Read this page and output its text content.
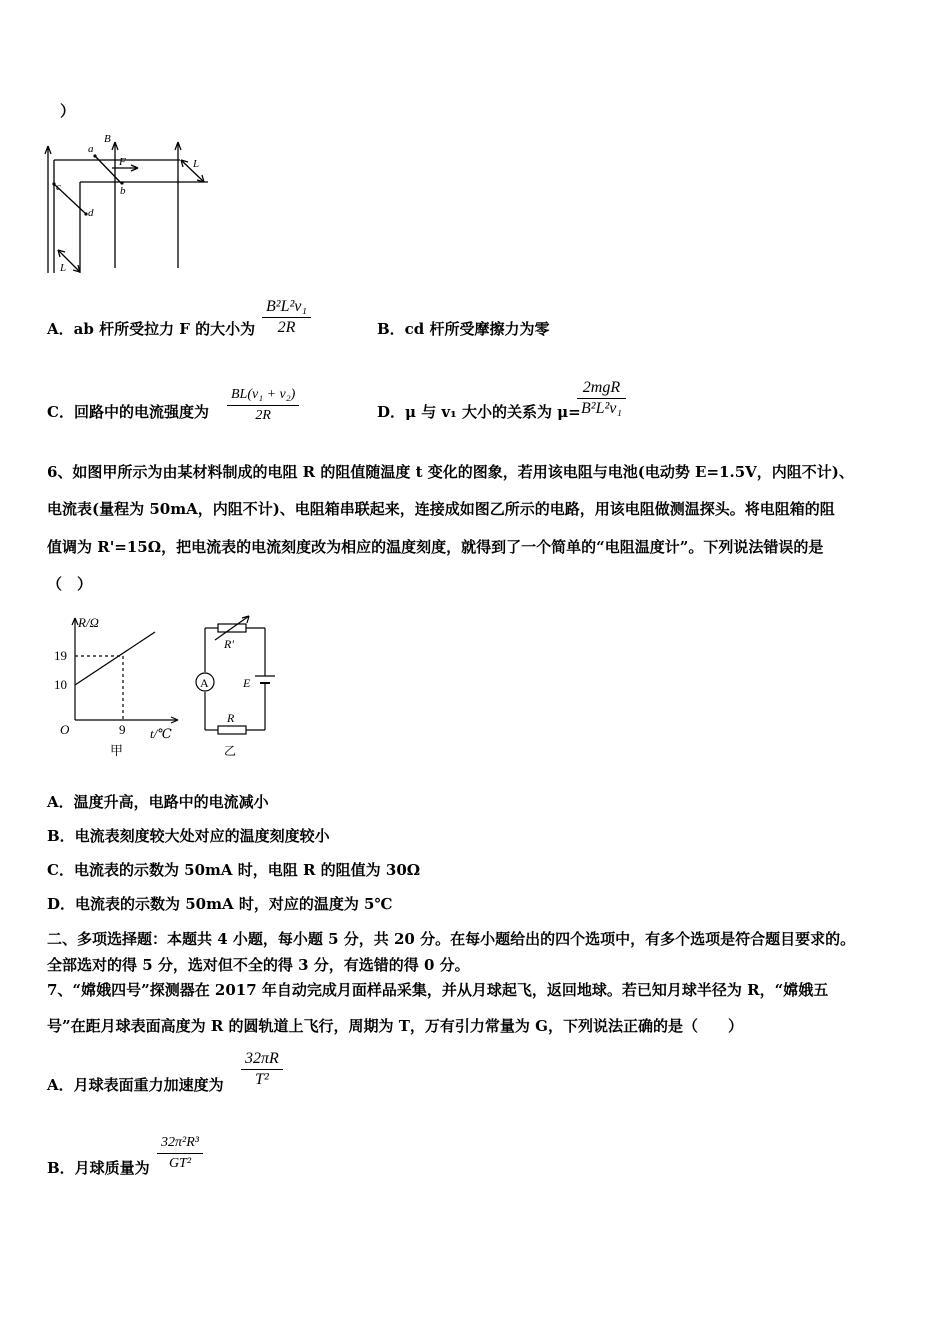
）
B
a
F
b
c
d
L
L
A．ab 杆所受拉力 F 的大小为
B²L²v₁
2R	B．cd 杆所受摩擦力为零
C．回路中的电流强度为
BL(v₁ + v₂)
2R	D．μ 与 v₁ 大小的关系为 μ=
2mgR
B²L²v₁
6、如图甲所示为由某材料制成的电阻 R 的阻值随温度 t 变化的图象，若用该电阻与电池(电动势 E=1.5V，内阻不计)、
电流表(量程为 50mA，内阻不计)、电阻箱串联起来，连接成如图乙所示的电路，用该电阻做测温探头。将电阻箱的阻
值调为 R'=15Ω，把电流表的电流刻度改为相应的温度刻度，就得到了一个简单的“电阻温度计”。下列说法错误的是
（　）
R/Ω
19
10
O	9 t/℃
甲
R'
A	E
R
乙
A．温度升高，电路中的电流减小
B．电流表刻度较大处对应的温度刻度较小
C．电流表的示数为 50mA 时，电阻 R 的阻值为 30Ω
D．电流表的示数为 50mA 时，对应的温度为 5℃
二、多项选择题：本题共 4 小题，每小题 5 分，共 20 分。在每小题给出的四个选项中，有多个选项是符合题目要求的。
全部选对的得 5 分，选对但不全的得 3 分，有选错的得 0 分。
7、“嫦娥四号”探测器在 2017 年自动完成月面样品采集，并从月球起飞，返回地球。若已知月球半径为 R，“嫦娥五
号”在距月球表面高度为 R 的圆轨道上飞行，周期为 T，万有引力常量为 G，下列说法正确的是（　　）
A．月球表面重力加速度为
32πR
T²
B．月球质量为
32π²R³
GT²
